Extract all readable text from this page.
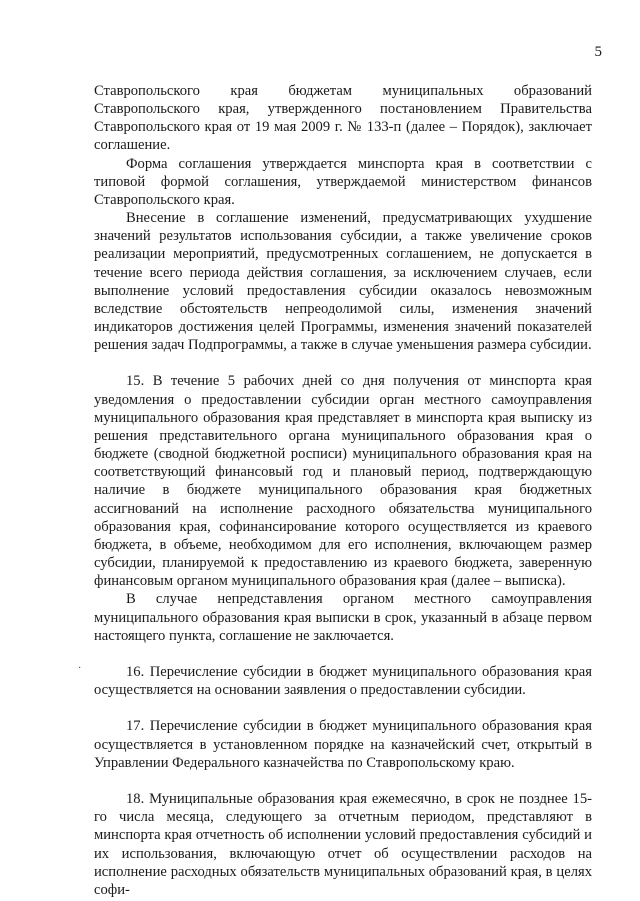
5

Ставропольского края бюджетам муниципальных образований Ставропольского края, утвержденного постановлением Правительства Ставропольского края от 19 мая 2009 г. № 133-п (далее – Порядок), заключает соглашение.

Форма соглашения утверждается минспорта края в соответствии с типовой формой соглашения, утверждаемой министерством финансов Ставропольского края.

Внесение в соглашение изменений, предусматривающих ухудшение значений результатов использования субсидии, а также увеличение сроков реализации мероприятий, предусмотренных соглашением, не допускается в течение всего периода действия соглашения, за исключением случаев, если выполнение условий предоставления субсидии оказалось невозможным вследствие обстоятельств непреодолимой силы, изменения значений индикаторов достижения целей Программы, изменения значений показателей решения задач Подпрограммы, а также в случае уменьшения размера субсидии.

15. В течение 5 рабочих дней со дня получения от минспорта края уведомления о предоставлении субсидии орган местного самоуправления муниципального образования края представляет в минспорта края выписку из решения представительного органа муниципального образования края о бюджете (сводной бюджетной росписи) муниципального образования края на соответствующий финансовый год и плановый период, подтверждающую наличие в бюджете муниципального образования края бюджетных ассигнований на исполнение расходного обязательства муниципального образования края, софинансирование которого осуществляется из краевого бюджета, в объеме, необходимом для его исполнения, включающем размер субсидии, планируемой к предоставлению из краевого бюджета, заверенную финансовым органом муниципального образования края (далее – выписка).

В случае непредставления органом местного самоуправления муниципального образования края выписки в срок, указанный в абзаце первом настоящего пункта, соглашение не заключается.

16. Перечисление субсидии в бюджет муниципального образования края осуществляется на основании заявления о предоставлении субсидии.

17. Перечисление субсидии в бюджет муниципального образования края осуществляется в установленном порядке на казначейский счет, открытый в Управлении Федерального казначейства по Ставропольскому краю.

18. Муниципальные образования края ежемесячно, в срок не позднее 15-го числа месяца, следующего за отчетным периодом, представляют в минспорта края отчетность об исполнении условий предоставления субсидий и их использования, включающую отчет об осуществлении расходов на исполнение расходных обязательств муниципальных образований края, в целях софи-

·
